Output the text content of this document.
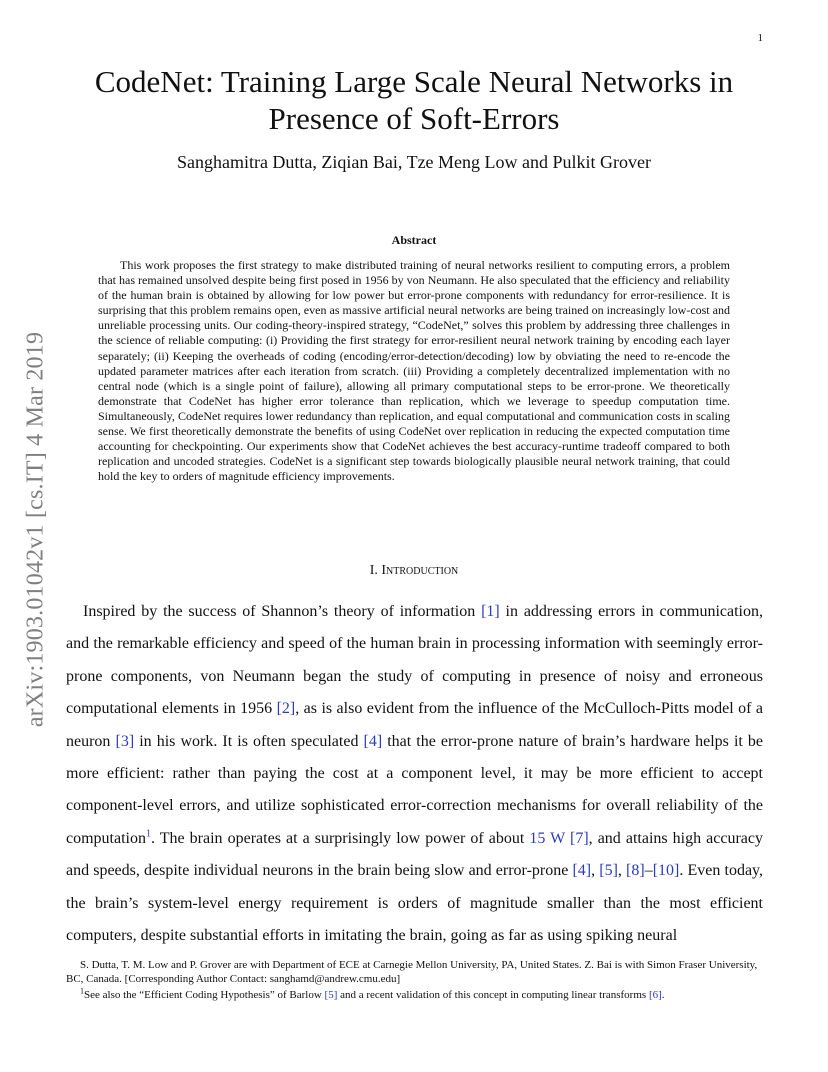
1
arXiv:1903.01042v1 [cs.IT] 4 Mar 2019
CodeNet: Training Large Scale Neural Networks in Presence of Soft-Errors
Sanghamitra Dutta, Ziqian Bai, Tze Meng Low and Pulkit Grover
Abstract
This work proposes the first strategy to make distributed training of neural networks resilient to computing errors, a problem that has remained unsolved despite being first posed in 1956 by von Neumann. He also speculated that the efficiency and reliability of the human brain is obtained by allowing for low power but error-prone components with redundancy for error-resilience. It is surprising that this problem remains open, even as massive artificial neural networks are being trained on increasingly low-cost and unreliable processing units. Our coding-theory-inspired strategy, “CodeNet,” solves this problem by addressing three challenges in the science of reliable computing: (i) Providing the first strategy for error-resilient neural network training by encoding each layer separately; (ii) Keeping the overheads of coding (encoding/error-detection/decoding) low by obviating the need to re-encode the updated parameter matrices after each iteration from scratch. (iii) Providing a completely decentralized implementation with no central node (which is a single point of failure), allowing all primary computational steps to be error-prone. We theoretically demonstrate that CodeNet has higher error tolerance than replication, which we leverage to speedup computation time. Simultaneously, CodeNet requires lower redundancy than replication, and equal computational and communication costs in scaling sense. We first theoretically demonstrate the benefits of using CodeNet over replication in reducing the expected computation time accounting for checkpointing. Our experiments show that CodeNet achieves the best accuracy-runtime tradeoff compared to both replication and uncoded strategies. CodeNet is a significant step towards biologically plausible neural network training, that could hold the key to orders of magnitude efficiency improvements.
I. Introduction
Inspired by the success of Shannon’s theory of information [1] in addressing errors in communication, and the remarkable efficiency and speed of the human brain in processing information with seemingly error-prone components, von Neumann began the study of computing in presence of noisy and erroneous computational elements in 1956 [2], as is also evident from the influence of the McCulloch-Pitts model of a neuron [3] in his work. It is often speculated [4] that the error-prone nature of brain’s hardware helps it be more efficient: rather than paying the cost at a component level, it may be more efficient to accept component-level errors, and utilize sophisticated error-correction mechanisms for overall reliability of the computation$^1$. The brain operates at a surprisingly low power of about 15 W [7], and attains high accuracy and speeds, despite individual neurons in the brain being slow and error-prone [4], [5], [8]–[10]. Even today, the brain’s system-level energy requirement is orders of magnitude smaller than the most efficient computers, despite substantial efforts in imitating the brain, going as far as using spiking neural
S. Dutta, T. M. Low and P. Grover are with Department of ECE at Carnegie Mellon University, PA, United States. Z. Bai is with Simon Fraser University, BC, Canada. [Corresponding Author Contact: sanghamd@andrew.cmu.edu]
$^1$See also the “Efficient Coding Hypothesis” of Barlow [5] and a recent validation of this concept in computing linear transforms [6].
